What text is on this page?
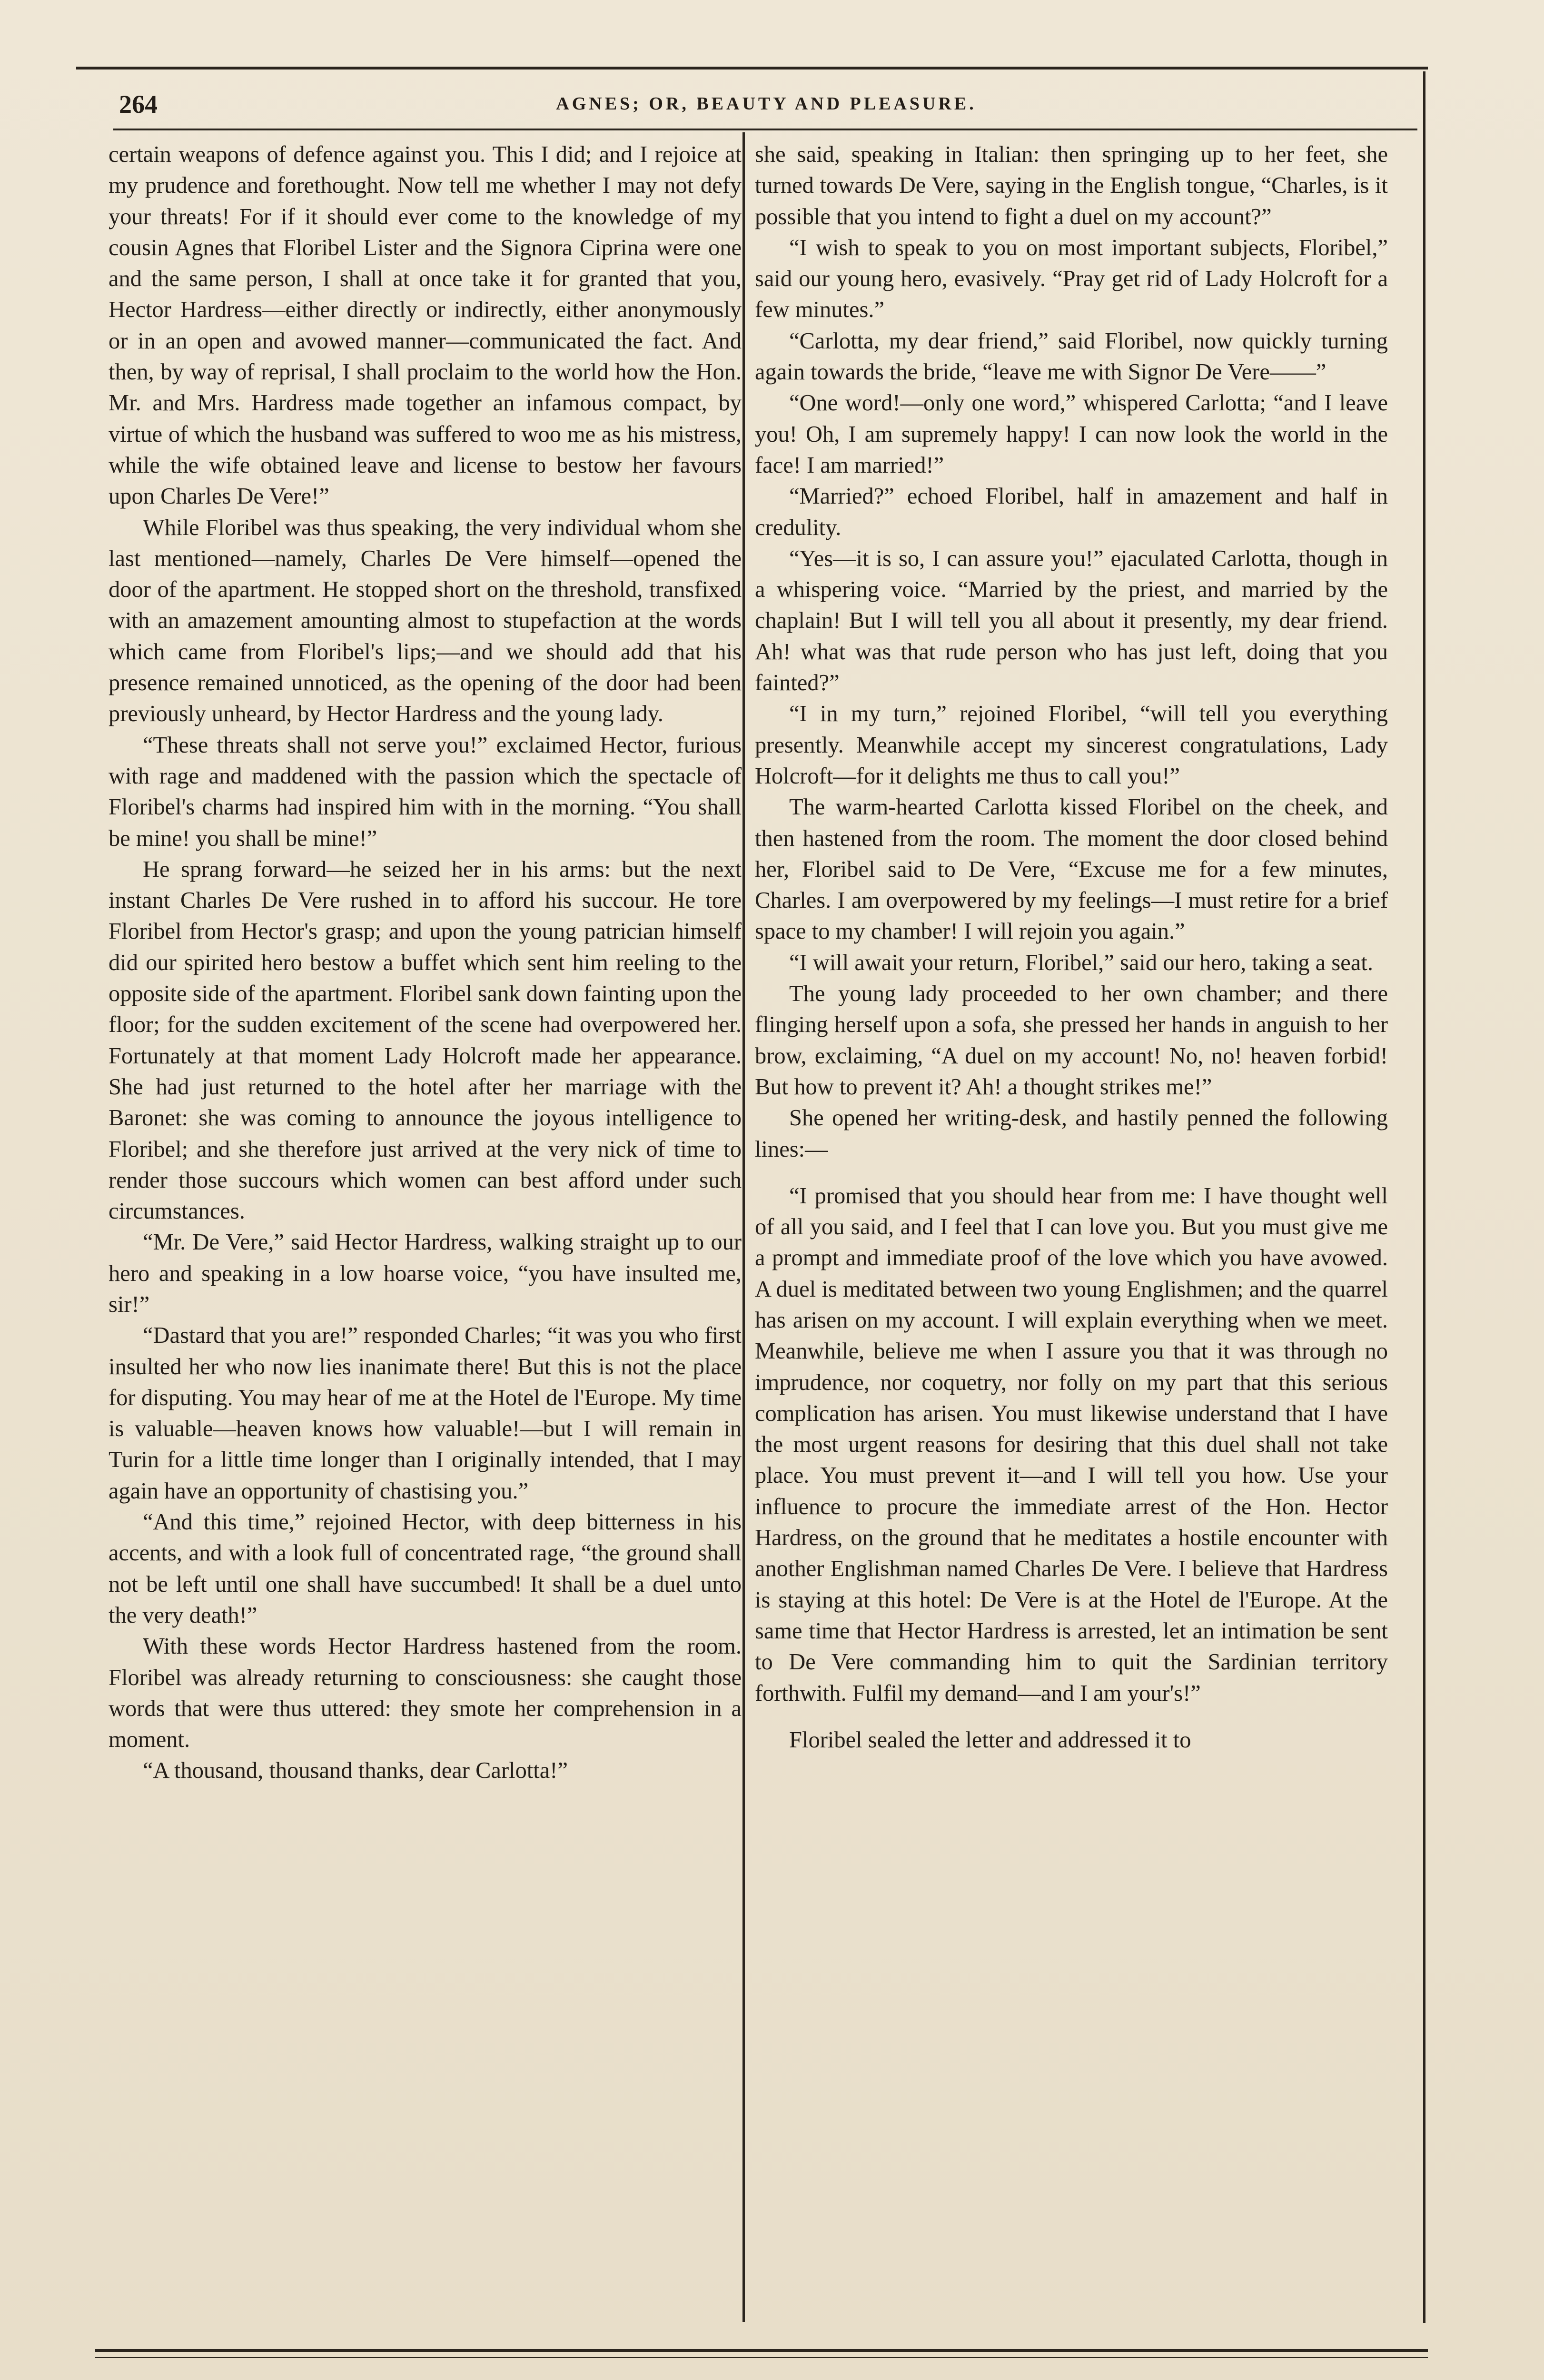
264	AGNES; OR, BEAUTY AND PLEASURE.

certain weapons of defence against you. This I did; and I rejoice at my prudence and forethought. Now tell me whether I may not defy your threats! For if it should ever come to the knowledge of my cousin Agnes that Floribel Lister and the Signora Ciprina were one and the same person, I shall at once take it for granted that you, Hector Hardress—either directly or indirectly, either anonymously or in an open and avowed manner—communicated the fact. And then, by way of reprisal, I shall proclaim to the world how the Hon. Mr. and Mrs. Hardress made together an infamous compact, by virtue of which the husband was suffered to woo me as his mistress, while the wife obtained leave and license to bestow her favours upon Charles De Vere!”

While Floribel was thus speaking, the very individual whom she last mentioned—namely, Charles De Vere himself—opened the door of the apartment. He stopped short on the threshold, transfixed with an amazement amounting almost to stupefaction at the words which came from Floribel's lips;—and we should add that his presence remained unnoticed, as the opening of the door had been previously unheard, by Hector Hardress and the young lady.

“These threats shall not serve you!” exclaimed Hector, furious with rage and maddened with the passion which the spectacle of Floribel's charms had inspired him with in the morning. “You shall be mine! you shall be mine!”

He sprang forward—he seized her in his arms: but the next instant Charles De Vere rushed in to afford his succour. He tore Floribel from Hector's grasp; and upon the young patrician himself did our spirited hero bestow a buffet which sent him reeling to the opposite side of the apartment. Floribel sank down fainting upon the floor; for the sudden excitement of the scene had overpowered her. Fortunately at that moment Lady Holcroft made her appearance. She had just returned to the hotel after her marriage with the Baronet: she was coming to announce the joyous intelligence to Floribel; and she therefore just arrived at the very nick of time to render those succours which women can best afford under such circumstances.

“Mr. De Vere,” said Hector Hardress, walking straight up to our hero and speaking in a low hoarse voice, “you have insulted me, sir!”

“Dastard that you are!” responded Charles; “it was you who first insulted her who now lies inanimate there! But this is not the place for disputing. You may hear of me at the Hotel de l'Europe. My time is valuable—heaven knows how valuable!—but I will remain in Turin for a little time longer than I originally intended, that I may again have an opportunity of chastising you.”

“And this time,” rejoined Hector, with deep bitterness in his accents, and with a look full of concentrated rage, “the ground shall not be left until one shall have succumbed! It shall be a duel unto the very death!”

With these words Hector Hardress hastened from the room. Floribel was already returning to consciousness: she caught those words that were thus uttered: they smote her comprehension in a moment.

“A thousand, thousand thanks, dear Carlotta!”

she said, speaking in Italian: then springing up to her feet, she turned towards De Vere, saying in the English tongue, “Charles, is it possible that you intend to fight a duel on my account?”

“I wish to speak to you on most important subjects, Floribel,” said our young hero, evasively. “Pray get rid of Lady Holcroft for a few minutes.”

“Carlotta, my dear friend,” said Floribel, now quickly turning again towards the bride, “leave me with Signor De Vere——”

“One word!—only one word,” whispered Carlotta; “and I leave you! Oh, I am supremely happy! I can now look the world in the face! I am married!”

“Married?” echoed Floribel, half in amazement and half in credulity.

“Yes—it is so, I can assure you!” ejaculated Carlotta, though in a whispering voice. “Married by the priest, and married by the chaplain! But I will tell you all about it presently, my dear friend. Ah! what was that rude person who has just left, doing that you fainted?”

“I in my turn,” rejoined Floribel, “will tell you everything presently. Meanwhile accept my sincerest congratulations, Lady Holcroft—for it delights me thus to call you!”

The warm-hearted Carlotta kissed Floribel on the cheek, and then hastened from the room. The moment the door closed behind her, Floribel said to De Vere, “Excuse me for a few minutes, Charles. I am overpowered by my feelings—I must retire for a brief space to my chamber! I will rejoin you again.”

“I will await your return, Floribel,” said our hero, taking a seat.

The young lady proceeded to her own chamber; and there flinging herself upon a sofa, she pressed her hands in anguish to her brow, exclaiming, “A duel on my account! No, no! heaven forbid! But how to prevent it? Ah! a thought strikes me!”

She opened her writing-desk, and hastily penned the following lines:—

“I promised that you should hear from me: I have thought well of all you said, and I feel that I can love you. But you must give me a prompt and immediate proof of the love which you have avowed. A duel is meditated between two young Englishmen; and the quarrel has arisen on my account. I will explain everything when we meet. Meanwhile, believe me when I assure you that it was through no imprudence, nor coquetry, nor folly on my part that this serious complication has arisen. You must likewise understand that I have the most urgent reasons for desiring that this duel shall not take place. You must prevent it—and I will tell you how. Use your influence to procure the immediate arrest of the Hon. Hector Hardress, on the ground that he meditates a hostile encounter with another Englishman named Charles De Vere. I believe that Hardress is staying at this hotel: De Vere is at the Hotel de l'Europe. At the same time that Hector Hardress is arrested, let an intimation be sent to De Vere commanding him to quit the Sardinian territory forthwith. Fulfil my demand—and I am your's!”

Floribel sealed the letter and addressed it to
